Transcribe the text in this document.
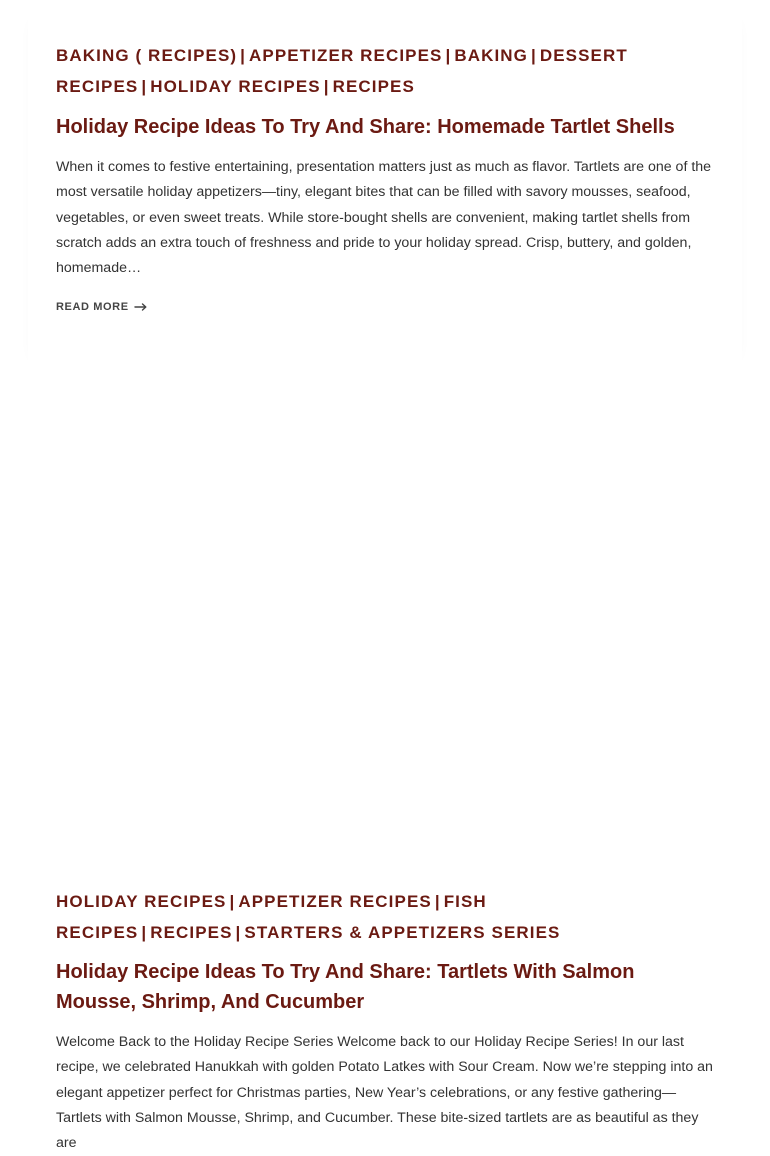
BAKING ( RECIPES) | APPETIZER RECIPES | BAKING | DESSERT RECIPES | HOLIDAY RECIPES | RECIPES
Holiday Recipe Ideas To Try And Share: Homemade Tartlet Shells

When it comes to festive entertaining, presentation matters just as much as flavor. Tartlets are one of the most versatile holiday appetizers—tiny, elegant bites that can be filled with savory mousses, seafood, vegetables, or even sweet treats. While store-bought shells are convenient, making tartlet shells from scratch adds an extra touch of freshness and pride to your holiday spread. Crisp, buttery, and golden, homemade…

READ MORE
HOLIDAY RECIPES | APPETIZER RECIPES | FISH RECIPES | RECIPES | STARTERS & APPETIZERS SERIES
Holiday Recipe Ideas To Try And Share: Tartlets With Salmon Mousse, Shrimp, And Cucumber

Welcome Back to the Holiday Recipe Series Welcome back to our Holiday Recipe Series! In our last recipe, we celebrated Hanukkah with golden Potato Latkes with Sour Cream. Now we’re stepping into an elegant appetizer perfect for Christmas parties, New Year’s celebrations, or any festive gathering—Tartlets with Salmon Mousse, Shrimp, and Cucumber. These bite-sized tartlets are as beautiful as they are
